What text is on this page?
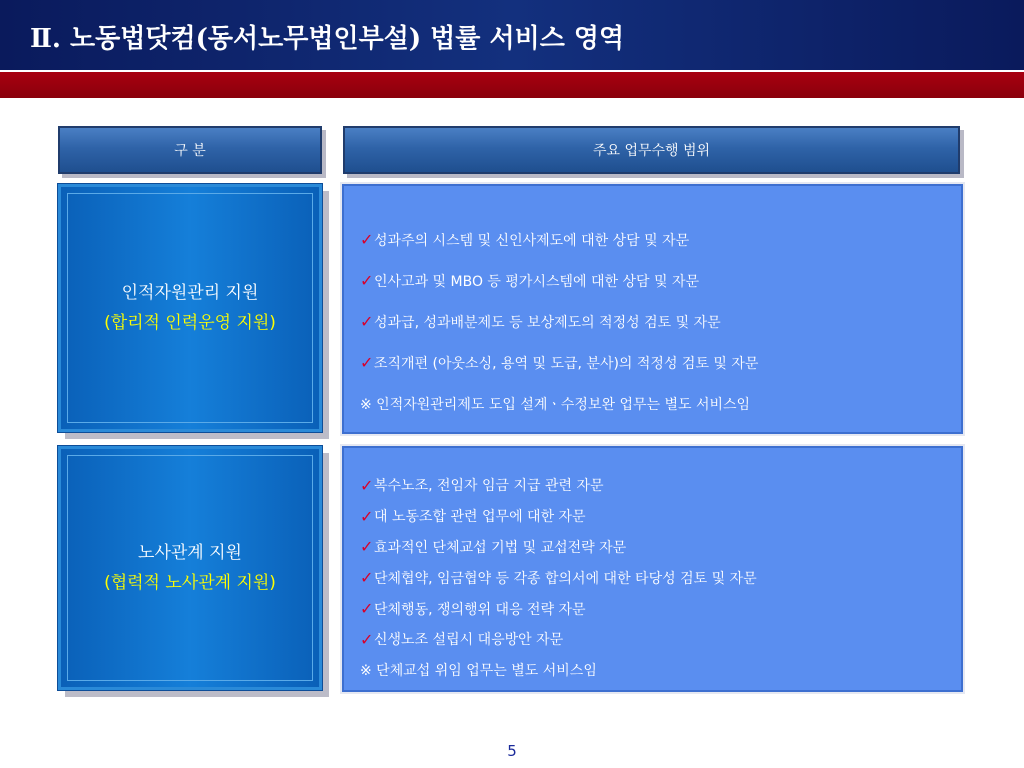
Ⅱ. 노동법닷컴(동서노무법인부설) 법률 서비스 영역
구 분	주요 업무수행 범위
인적자원관리 지원
(합리적 인력운영 지원)
✓ 성과주의 시스템 및 신인사제도에 대한 상담 및 자문
✓ 인사고과 및 MBO 등 평가시스템에 대한 상담 및 자문
✓ 성과급, 성과배분제도 등 보상제도의 적정성 검토 및 자문
✓ 조직개편 (아웃소싱, 용역 및 도급, 분사)의 적정성 검토 및 자문
※ 인적자원관리제도 도입 설계ㆍ수정보완 업무는 별도 서비스임
노사관계 지원
(협력적 노사관계 지원)
✓ 복수노조, 전임자 임금 지급 관련 자문
✓ 대 노동조합 관련 업무에 대한 자문
✓ 효과적인 단체교섭 기법 및 교섭전략 자문
✓ 단체협약, 임금협약 등 각종 합의서에 대한 타당성 검토 및 자문
✓ 단체행동, 쟁의행위 대응 전략 자문
✓ 신생노조 설립시 대응방안 자문
※ 단체교섭 위임 업무는 별도 서비스임
5
